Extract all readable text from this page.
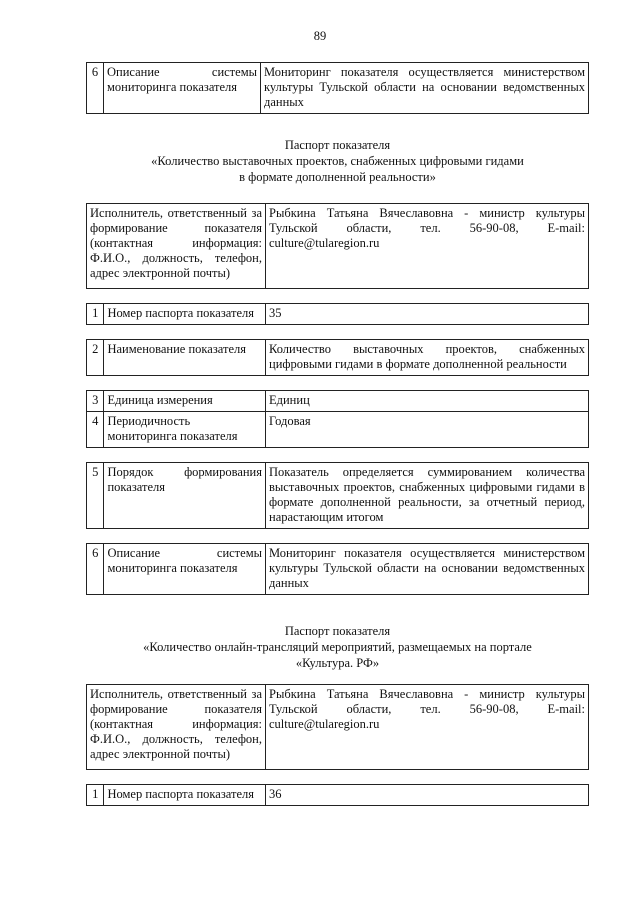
89
6	Описание системы мониторинга показателя	Мониторинг показателя осуществляется министерством культуры Тульской области на основании ведомственных данных
Паспорт показателя
«Количество выставочных проектов, снабженных цифровыми гидами
в формате дополненной реальности»
Исполнитель, ответственный за формирование показателя (контактная информация: Ф.И.О., должность, телефон, адрес электронной почты)		Рыбкина Татьяна Вячеславовна - министр культуры Тульской области, тел. 56-90-08, E-mail: culture@tularegion.ru

1	Номер паспорта показателя	35

2	Наименование показателя	Количество выставочных проектов, снабженных цифровыми гидами в формате дополненной реальности

3	Единица измерения	Единиц
4	Периодичность мониторинга показателя	Годовая

5	Порядок формирования показателя	Показатель определяется суммированием количества выставочных проектов, снабженных цифровыми гидами в формате дополненной реальности, за отчетный период, нарастающим итогом

6	Описание системы мониторинга показателя	Мониторинг показателя осуществляется министерством культуры Тульской области на основании ведомственных данных
Паспорт показателя
«Количество онлайн-трансляций мероприятий, размещаемых на портале
«Культура. РФ»
Исполнитель, ответственный за формирование показателя (контактная информация: Ф.И.О., должность, телефон, адрес электронной почты)		Рыбкина Татьяна Вячеславовна - министр культуры Тульской области, тел. 56-90-08, E-mail: culture@tularegion.ru

1	Номер паспорта показателя	36
